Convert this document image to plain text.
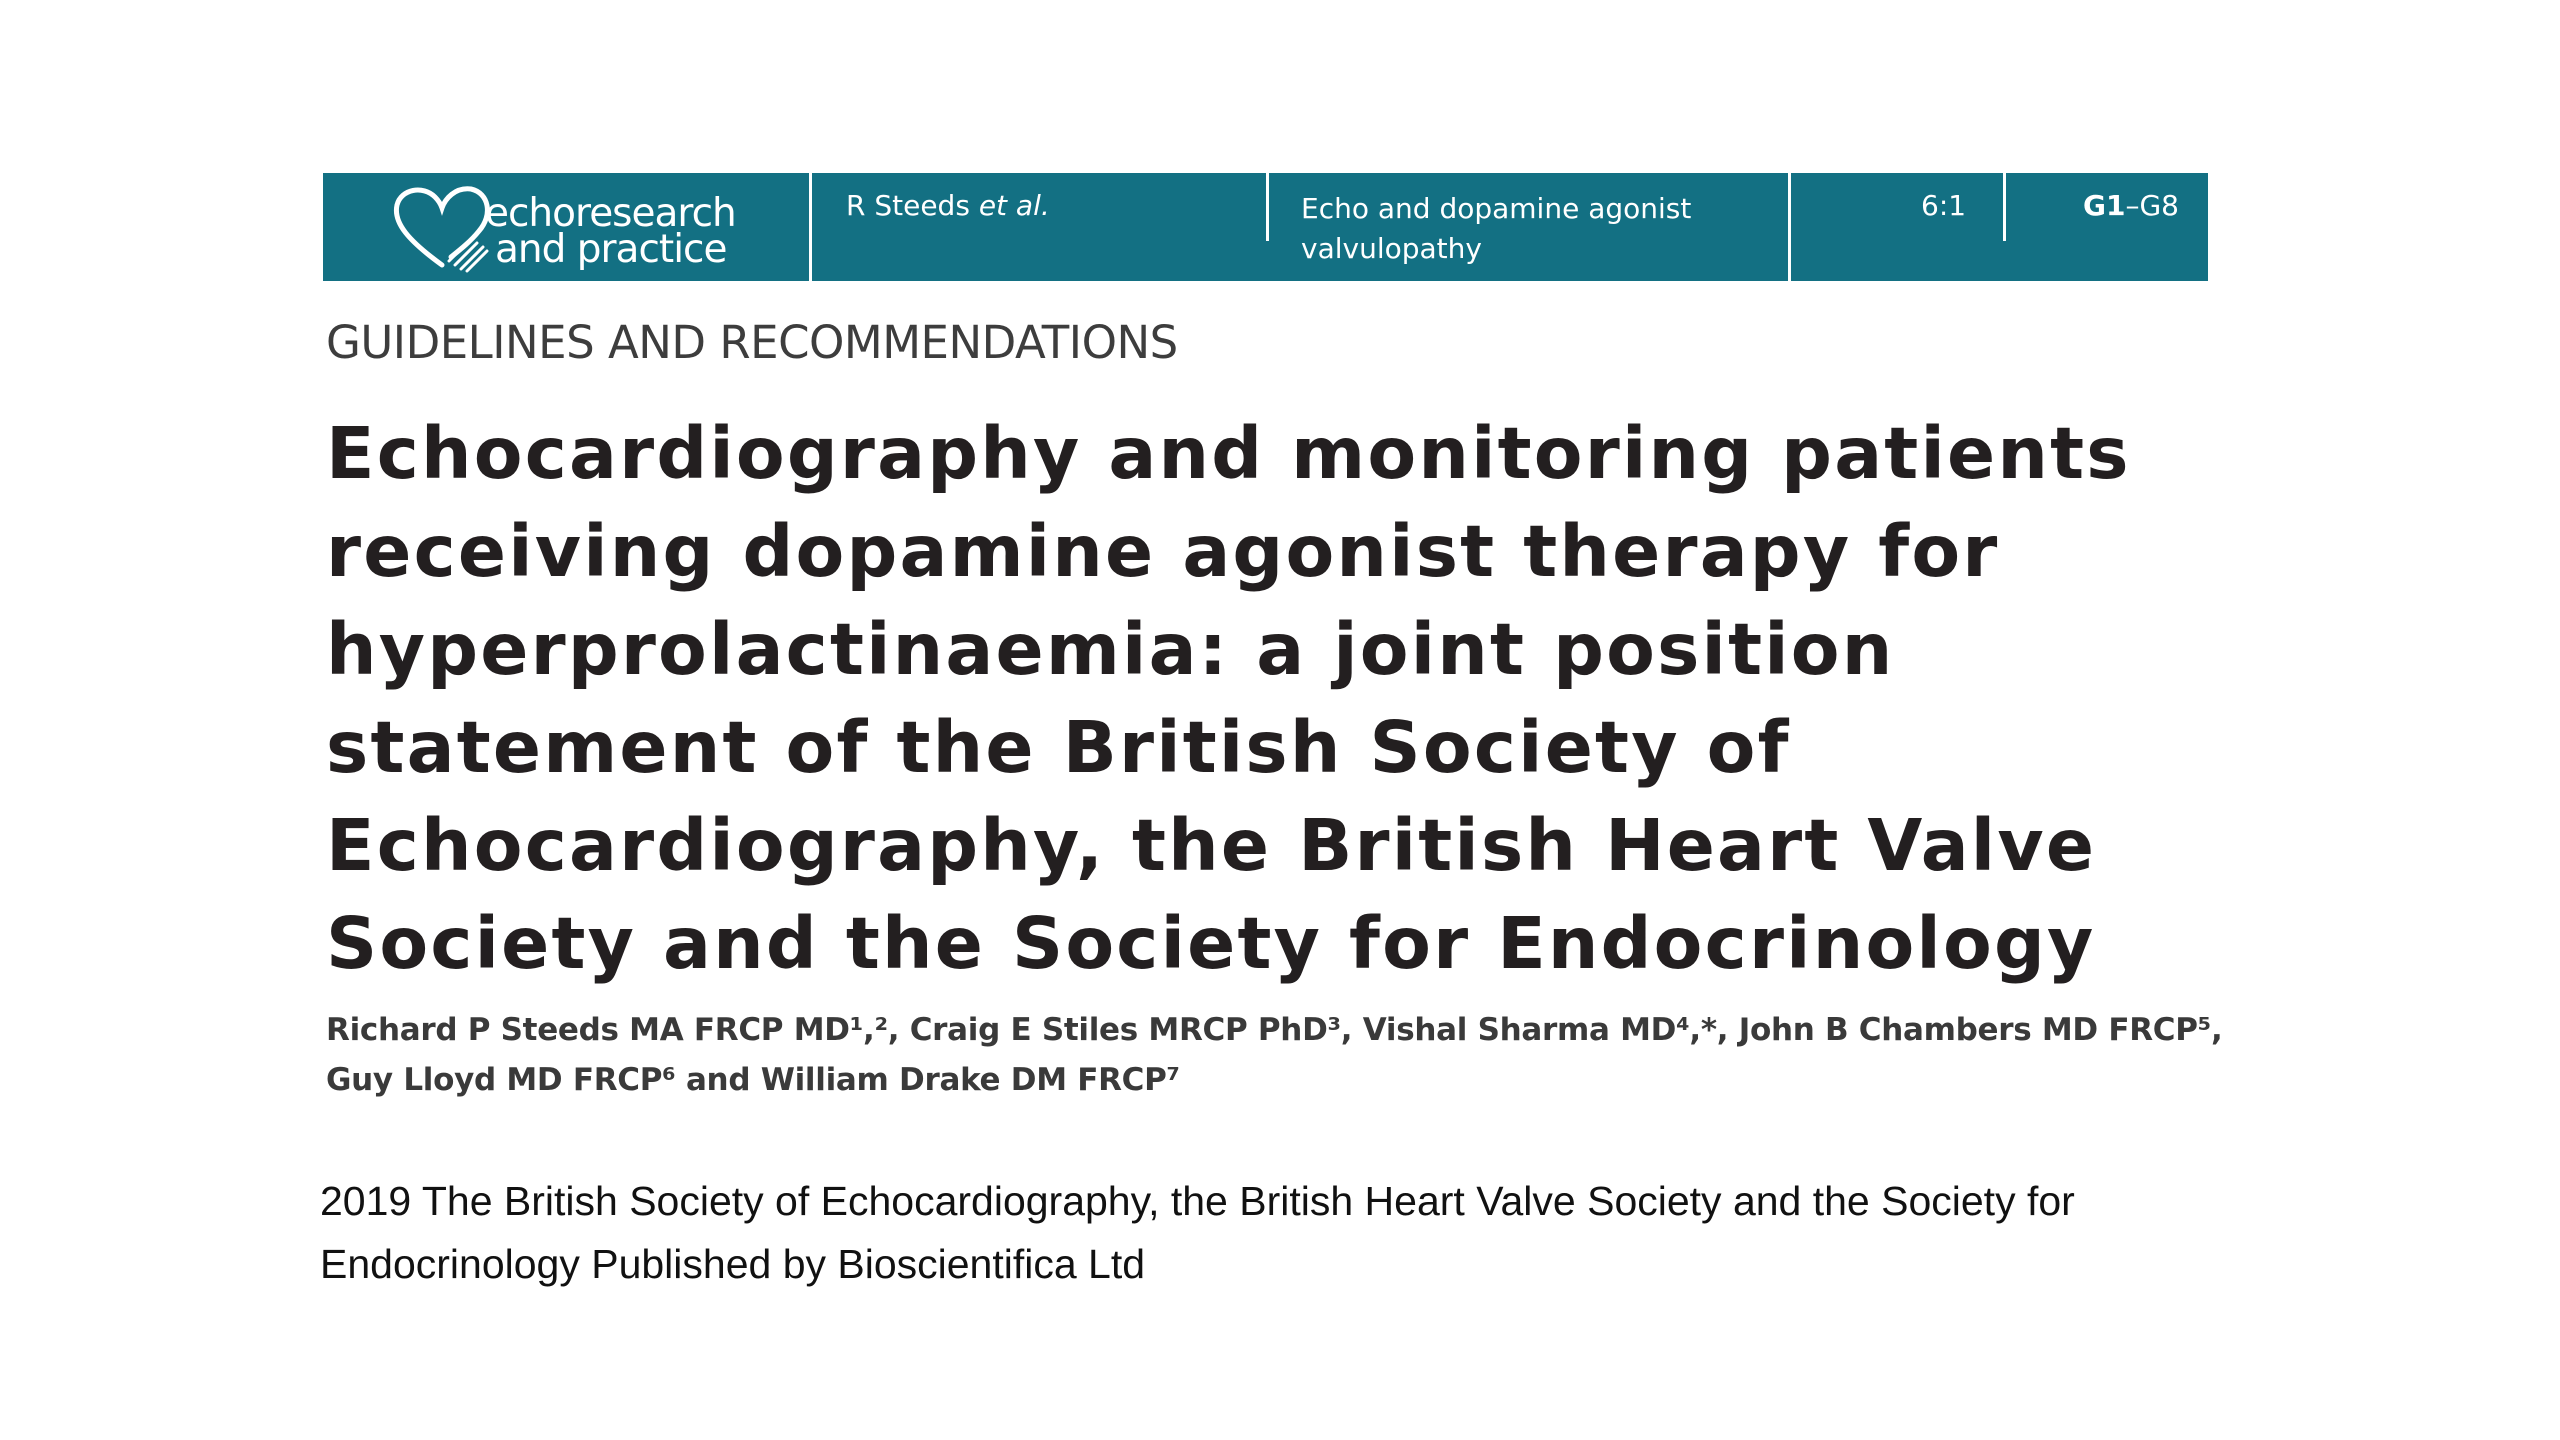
echoresearch
and practice
R Steeds et al.	Echo and dopamine agonist
valvulopathy
6:1	G1–G8
GUIDELINES AND RECOMMENDATIONS
Echocardiography and monitoring patients
receiving dopamine agonist therapy for
hyperprolactinaemia: a joint position
statement of the British Society of
Echocardiography, the British Heart Valve
Society and the Society for Endocrinology
Richard P Steeds MA FRCP MD¹,², Craig E Stiles MRCP PhD³, Vishal Sharma MD⁴,*, John B Chambers MD FRCP⁵,
Guy Lloyd MD FRCP⁶ and William Drake DM FRCP⁷
2019 The British Society of Echocardiography, the British Heart Valve Society and the Society for
Endocrinology Published by Bioscientifica Ltd
